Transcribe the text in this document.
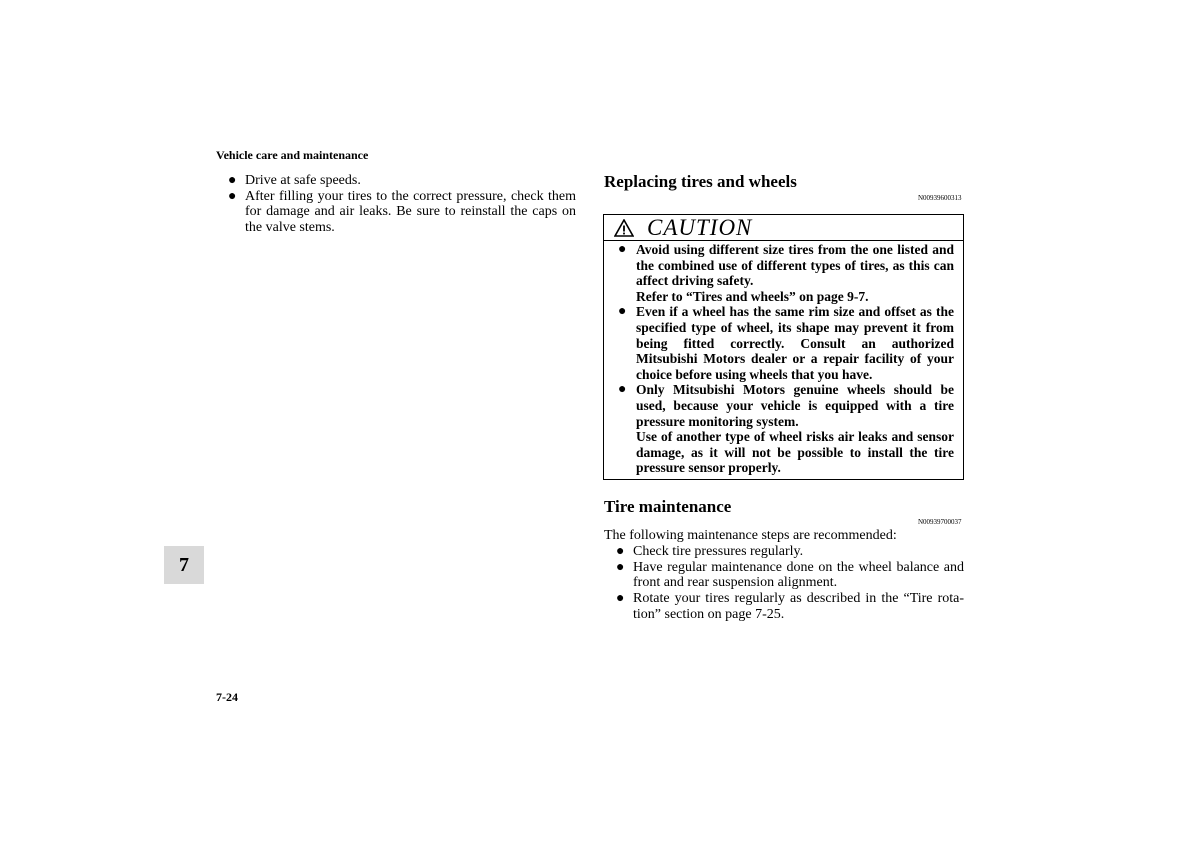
Vehicle care and maintenance
● Drive at safe speeds.
● After filling your tires to the correct pressure, check them for damage and air leaks. Be sure to reinstall the caps on the valve stems.
Replacing tires and wheels
N00939600313
CAUTION
● Avoid using different size tires from the one listed and the combined use of different types of tires, as this can affect driving safety.
Refer to “Tires and wheels” on page 9-7.
● Even if a wheel has the same rim size and offset as the specified type of wheel, its shape may prevent it from being fitted correctly. Consult an authorized Mitsubishi Motors dealer or a repair facility of your choice before using wheels that you have.
● Only Mitsubishi Motors genuine wheels should be used, because your vehicle is equipped with a tire pressure monitoring system.
Use of another type of wheel risks air leaks and sensor damage, as it will not be possible to install the tire pressure sensor properly.
Tire maintenance
N00939700037
The following maintenance steps are recommended:
● Check tire pressures regularly.
● Have regular maintenance done on the wheel balance and front and rear suspension alignment.
● Rotate your tires regularly as described in the “Tire rota-tion” section on page 7-25.
7
7-24
